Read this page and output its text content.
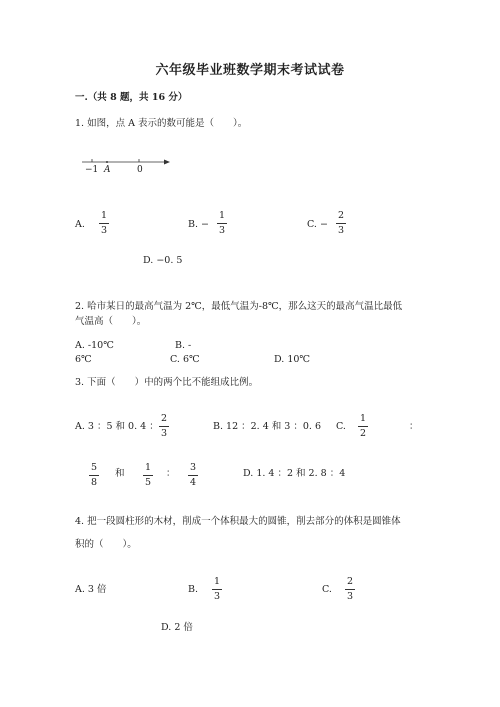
六年级毕业班数学期末考试试卷
一.（共 8 题，共 16 分）
1. 如图，点 A 表示的数可能是（　　）。
−1 A	0
A. $\frac{1}{3}$	B. − $\frac{1}{3}$	C. − $\frac{2}{3}$
D. −0. 5
2. 哈市某日的最高气温为 2℃，最低气温为-8℃，那么这天的最高气温比最低
气温高（　　）。
A. -10℃	B. -
6℃	C. 6℃	D. 10℃
3. 下面（　　）中的两个比不能组成比例。
A. 3 ：5 和 0. 4 ： $\frac{2}{3}$	B. 12 ：2. 4 和 3 ：0. 6 C. $\frac{1}{2}$	：
$\frac{5}{8}$ 和 $\frac{1}{5}$ ： $\frac{3}{4}$	D. 1. 4 ：2 和 2. 8 ：4
4. 把一段圆柱形的木材，削成一个体积最大的圆锥，削去部分的体积是圆锥体
积的（　　）。
A. 3 倍	B. $\frac{1}{3}$	C. $\frac{2}{3}$
D. 2 倍
